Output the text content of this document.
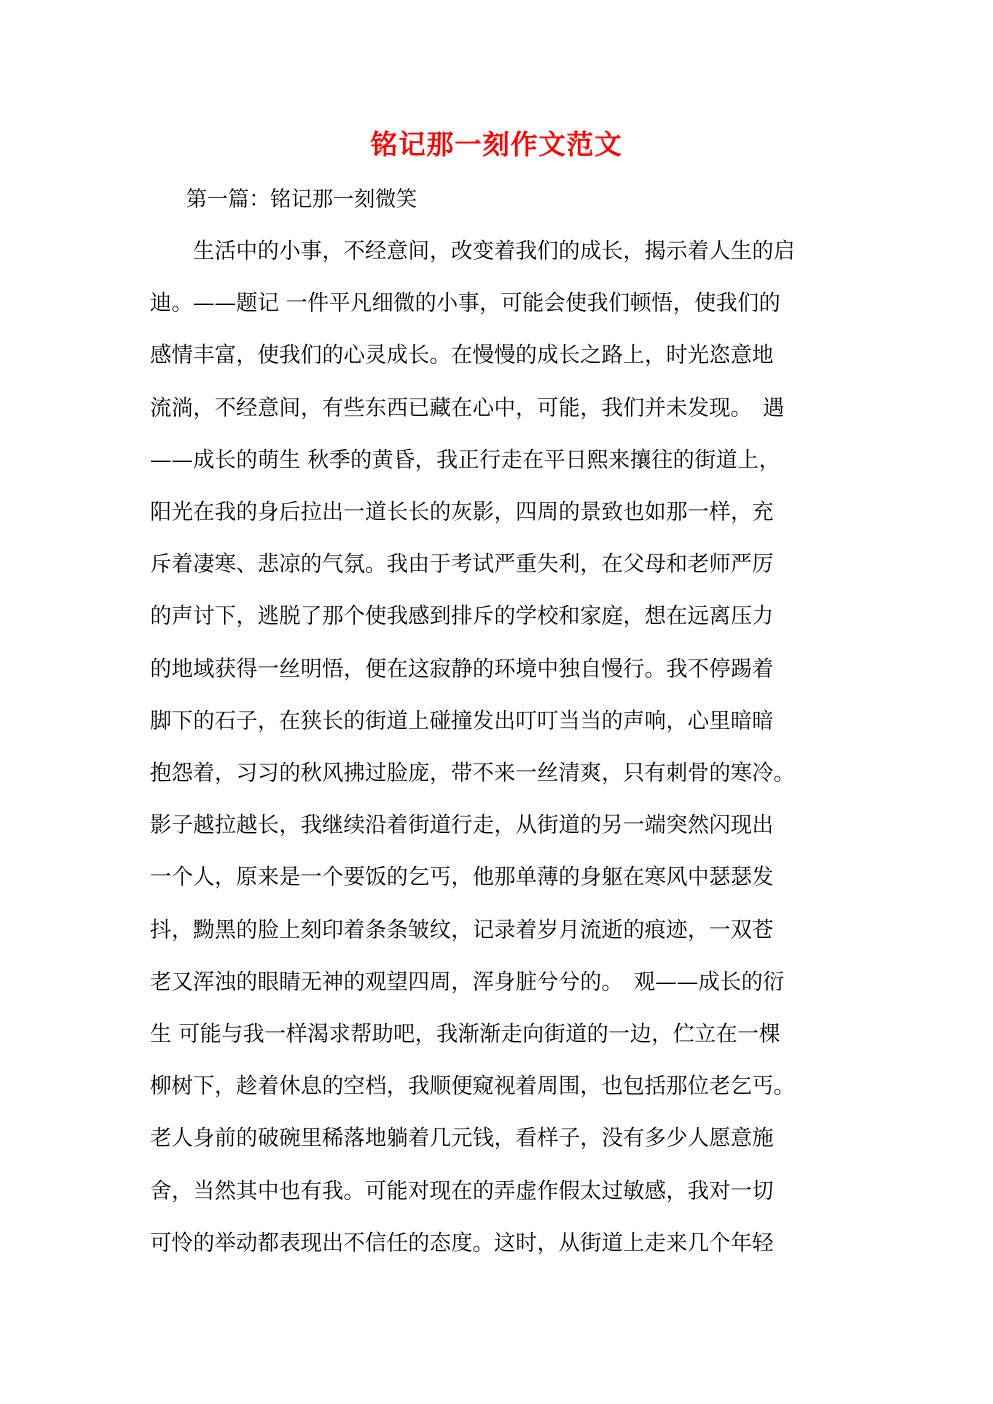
铭记那一刻作文范文
第一篇：铭记那一刻微笑
　　生活中的小事，不经意间，改变着我们的成长，揭示着人生的启
迪。——题记 一件平凡细微的小事，可能会使我们顿悟，使我们的
感情丰富，使我们的心灵成长。在慢慢的成长之路上，时光恣意地
流淌，不经意间，有些东西已藏在心中，可能，我们并未发现。　遇
——成长的萌生 秋季的黄昏，我正行走在平日熙来攘往的街道上，
阳光在我的身后拉出一道长长的灰影，四周的景致也如那一样，充
斥着凄寒、悲凉的气氛。我由于考试严重失利，在父母和老师严厉
的声讨下，逃脱了那个使我感到排斥的学校和家庭，想在远离压力
的地域获得一丝明悟，便在这寂静的环境中独自慢行。我不停踢着
脚下的石子，在狭长的街道上碰撞发出叮叮当当的声响，心里暗暗
抱怨着，习习的秋风拂过脸庞，带不来一丝清爽，只有刺骨的寒冷。
影子越拉越长，我继续沿着街道行走，从街道的另一端突然闪现出
一个人，原来是一个要饭的乞丐，他那单薄的身躯在寒风中瑟瑟发
抖，黝黑的脸上刻印着条条皱纹，记录着岁月流逝的痕迹，一双苍
老又浑浊的眼睛无神的观望四周，浑身脏兮兮的。　观——成长的衍
生 可能与我一样渴求帮助吧，我渐渐走向街道的一边，伫立在一棵
柳树下，趁着休息的空档，我顺便窥视着周围，也包括那位老乞丐。
老人身前的破碗里稀落地躺着几元钱，看样子，没有多少人愿意施
舍，当然其中也有我。可能对现在的弄虚作假太过敏感，我对一切
可怜的举动都表现出不信任的态度。这时，从街道上走来几个年轻
